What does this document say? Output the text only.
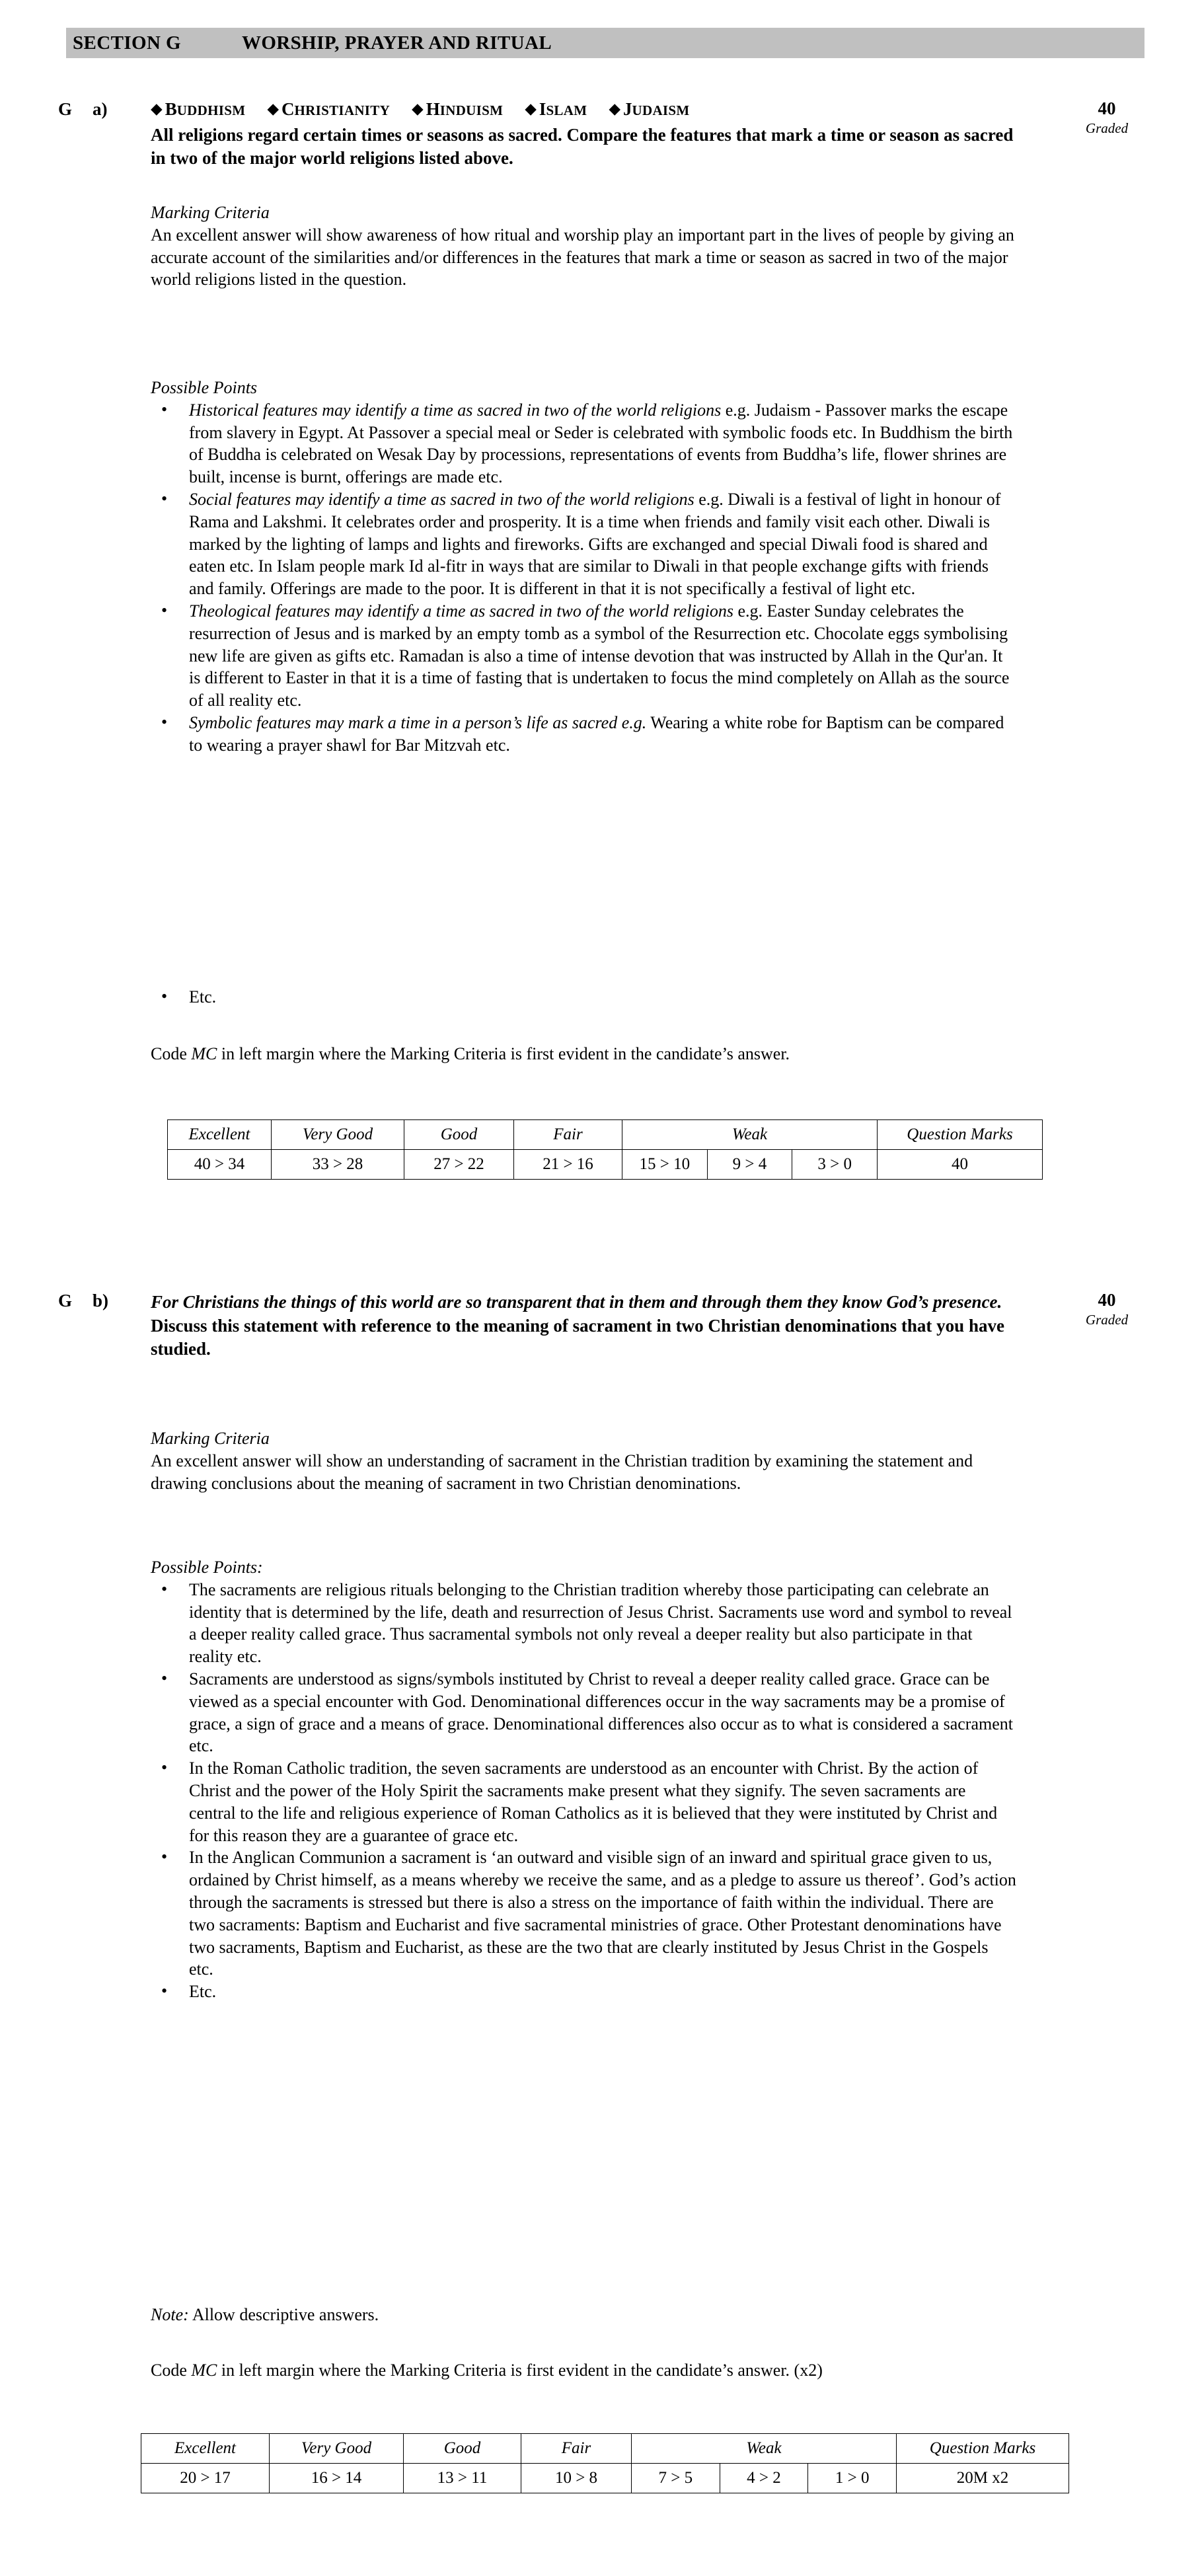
SECTION G	WORSHIP, PRAYER AND RITUAL
G a)	◆ BUDDHISM ◆ CHRISTIANITY ◆ HINDUISM ◆ ISLAM ◆ JUDAISM
All religions regard certain times or seasons as sacred. Compare the features that mark a time or season as sacred in two of the major world religions listed above.
40
Graded
Marking Criteria
An excellent answer will show awareness of how ritual and worship play an important part in the lives of people by giving an accurate account of the similarities and/or differences in the features that mark a time or season as sacred in two of the major world religions listed in the question.
Possible Points
• Historical features may identify a time as sacred in two of the world religions e.g. Judaism - Passover marks the escape from slavery in Egypt. At Passover a special meal or Seder is celebrated with symbolic foods etc. In Buddhism the birth of Buddha is celebrated on Wesak Day by processions, representations of events from Buddha’s life, flower shrines are built, incense is burnt, offerings are made etc.
• Social features may identify a time as sacred in two of the world religions e.g. Diwali is a festival of light in honour of Rama and Lakshmi. It celebrates order and prosperity. It is a time when friends and family visit each other. Diwali is marked by the lighting of lamps and lights and fireworks. Gifts are exchanged and special Diwali food is shared and eaten etc. In Islam people mark Id al-fitr in ways that are similar to Diwali in that people exchange gifts with friends and family. Offerings are made to the poor. It is different in that it is not specifically a festival of light etc.
• Theological features may identify a time as sacred in two of the world religions e.g. Easter Sunday celebrates the resurrection of Jesus and is marked by an empty tomb as a symbol of the Resurrection etc. Chocolate eggs symbolising new life are given as gifts etc. Ramadan is also a time of intense devotion that was instructed by Allah in the Qur'an. It is different to Easter in that it is a time of fasting that is undertaken to focus the mind completely on Allah as the source of all reality etc.
• Symbolic features may mark a time in a person’s life as sacred e.g. Wearing a white robe for Baptism can be compared to wearing a prayer shawl for Bar Mitzvah etc.
• Etc.
Code MC in left margin where the Marking Criteria is first evident in the candidate’s answer.
Excellent	Very Good	Good	Fair	Weak			Question Marks
40 > 34	33 > 28	27 > 22	21 > 16	15 > 10	9 > 4	3 > 0	40
G b) For Christians the things of this world are so transparent that in them and through them they know God’s presence.
Discuss this statement with reference to the meaning of sacrament in two Christian denominations that you have studied.
40
Graded
Marking Criteria
An excellent answer will show an understanding of sacrament in the Christian tradition by examining the statement and drawing conclusions about the meaning of sacrament in two Christian denominations.
Possible Points:
• The sacraments are religious rituals belonging to the Christian tradition whereby those participating can celebrate an identity that is determined by the life, death and resurrection of Jesus Christ. Sacraments use word and symbol to reveal a deeper reality called grace. Thus sacramental symbols not only reveal a deeper reality but also participate in that reality etc.
• Sacraments are understood as signs/symbols instituted by Christ to reveal a deeper reality called grace. Grace can be viewed as a special encounter with God. Denominational differences occur in the way sacraments may be a promise of grace, a sign of grace and a means of grace. Denominational differences also occur as to what is considered a sacrament etc.
• In the Roman Catholic tradition, the seven sacraments are understood as an encounter with Christ. By the action of Christ and the power of the Holy Spirit the sacraments make present what they signify. The seven sacraments are central to the life and religious experience of Roman Catholics as it is believed that they were instituted by Christ and for this reason they are a guarantee of grace etc.
• In the Anglican Communion a sacrament is ‘an outward and visible sign of an inward and spiritual grace given to us, ordained by Christ himself, as a means whereby we receive the same, and as a pledge to assure us thereof’. God’s action through the sacraments is stressed but there is also a stress on the importance of faith within the individual. There are two sacraments: Baptism and Eucharist and five sacramental ministries of grace. Other Protestant denominations have two sacraments, Baptism and Eucharist, as these are the two that are clearly instituted by Jesus Christ in the Gospels etc.
• Etc.
Note: Allow descriptive answers.
Code MC in left margin where the Marking Criteria is first evident in the candidate’s answer. (x2)
Excellent	Very Good	Good	Fair	Weak			Question Marks
20 > 17	16 > 14	13 > 11	10 > 8	7 > 5	4 > 2	1 > 0	20M x2
